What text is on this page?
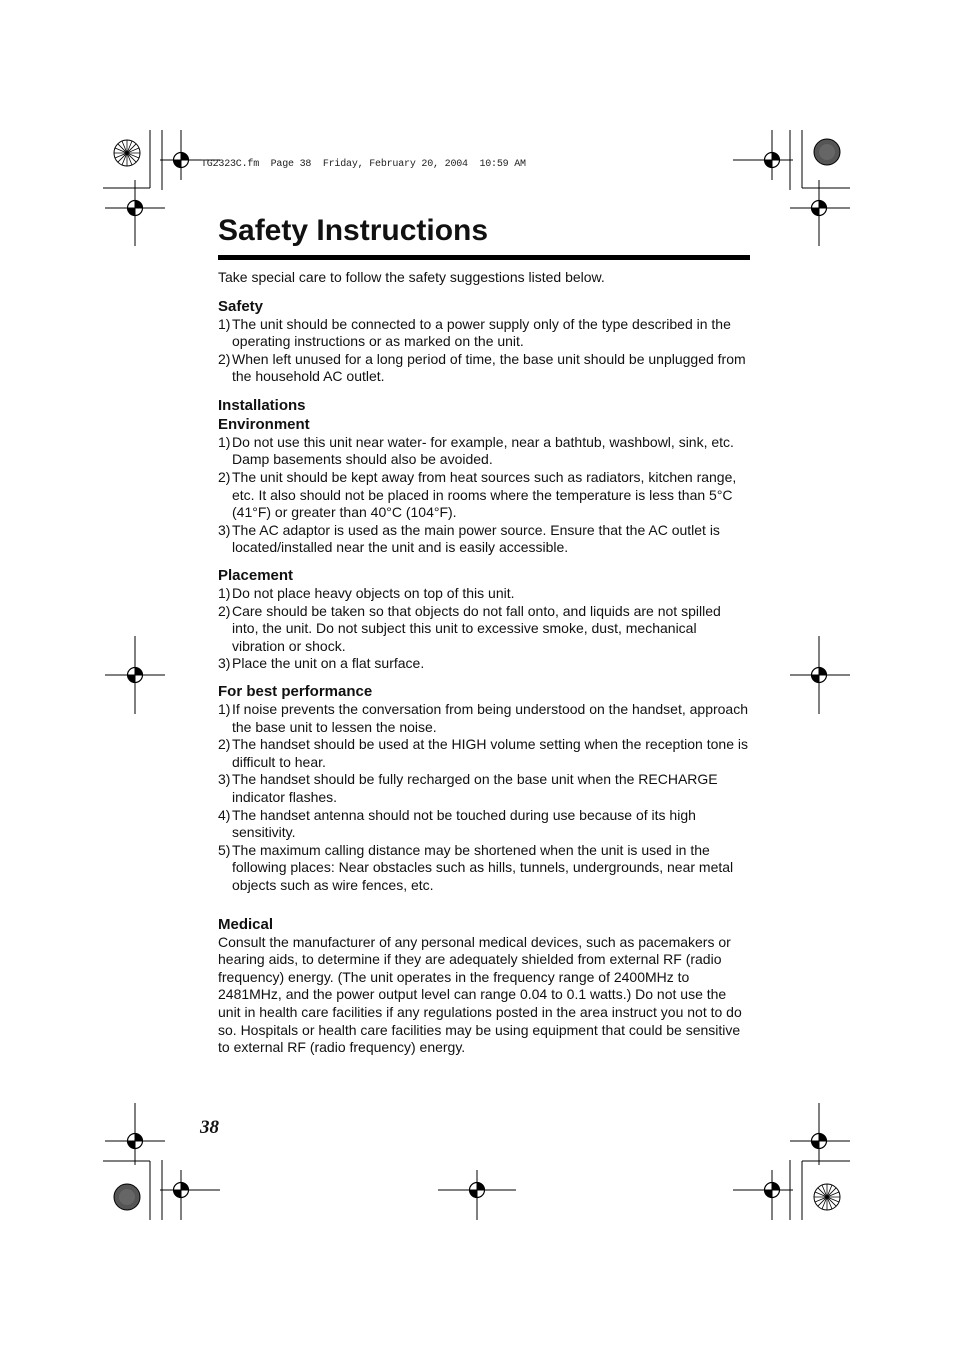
TG2323C.fm  Page 38  Friday, February 20, 2004  10:59 AM
Safety Instructions

Take special care to follow the safety suggestions listed below.

Safety
1) The unit should be connected to a power supply only of the type described in the operating instructions or as marked on the unit.
2) When left unused for a long period of time, the base unit should be unplugged from the household AC outlet.
Installations
Environment
1) Do not use this unit near water- for example, near a bathtub, washbowl, sink, etc. Damp basements should also be avoided.
2) The unit should be kept away from heat sources such as radiators, kitchen range, etc. It also should not be placed in rooms where the temperature is less than 5°C (41°F) or greater than 40°C (104°F).
3) The AC adaptor is used as the main power source. Ensure that the AC outlet is located/installed near the unit and is easily accessible.
Placement
1) Do not place heavy objects on top of this unit.
2) Care should be taken so that objects do not fall onto, and liquids are not spilled into, the unit. Do not subject this unit to excessive smoke, dust, mechanical vibration or shock.
3) Place the unit on a flat surface.
For best performance
1) If noise prevents the conversation from being understood on the handset, approach the base unit to lessen the noise.
2) The handset should be used at the HIGH volume setting when the reception tone is difficult to hear.
3) The handset should be fully recharged on the base unit when the RECHARGE indicator flashes.
4) The handset antenna should not be touched during use because of its high sensitivity.
5) The maximum calling distance may be shortened when the unit is used in the following places: Near obstacles such as hills, tunnels, undergrounds, near metal objects such as wire fences, etc.
Medical

Consult the manufacturer of any personal medical devices, such as pacemakers or hearing aids, to determine if they are adequately shielded from external RF (radio frequency) energy. (The unit operates in the frequency range of 2400MHz to 2481MHz, and the power output level can range 0.04 to 0.1 watts.) Do not use the unit in health care facilities if any regulations posted in the area instruct you not to do so. Hospitals or health care facilities may be using equipment that could be sensitive to external RF (radio frequency) energy.

38
